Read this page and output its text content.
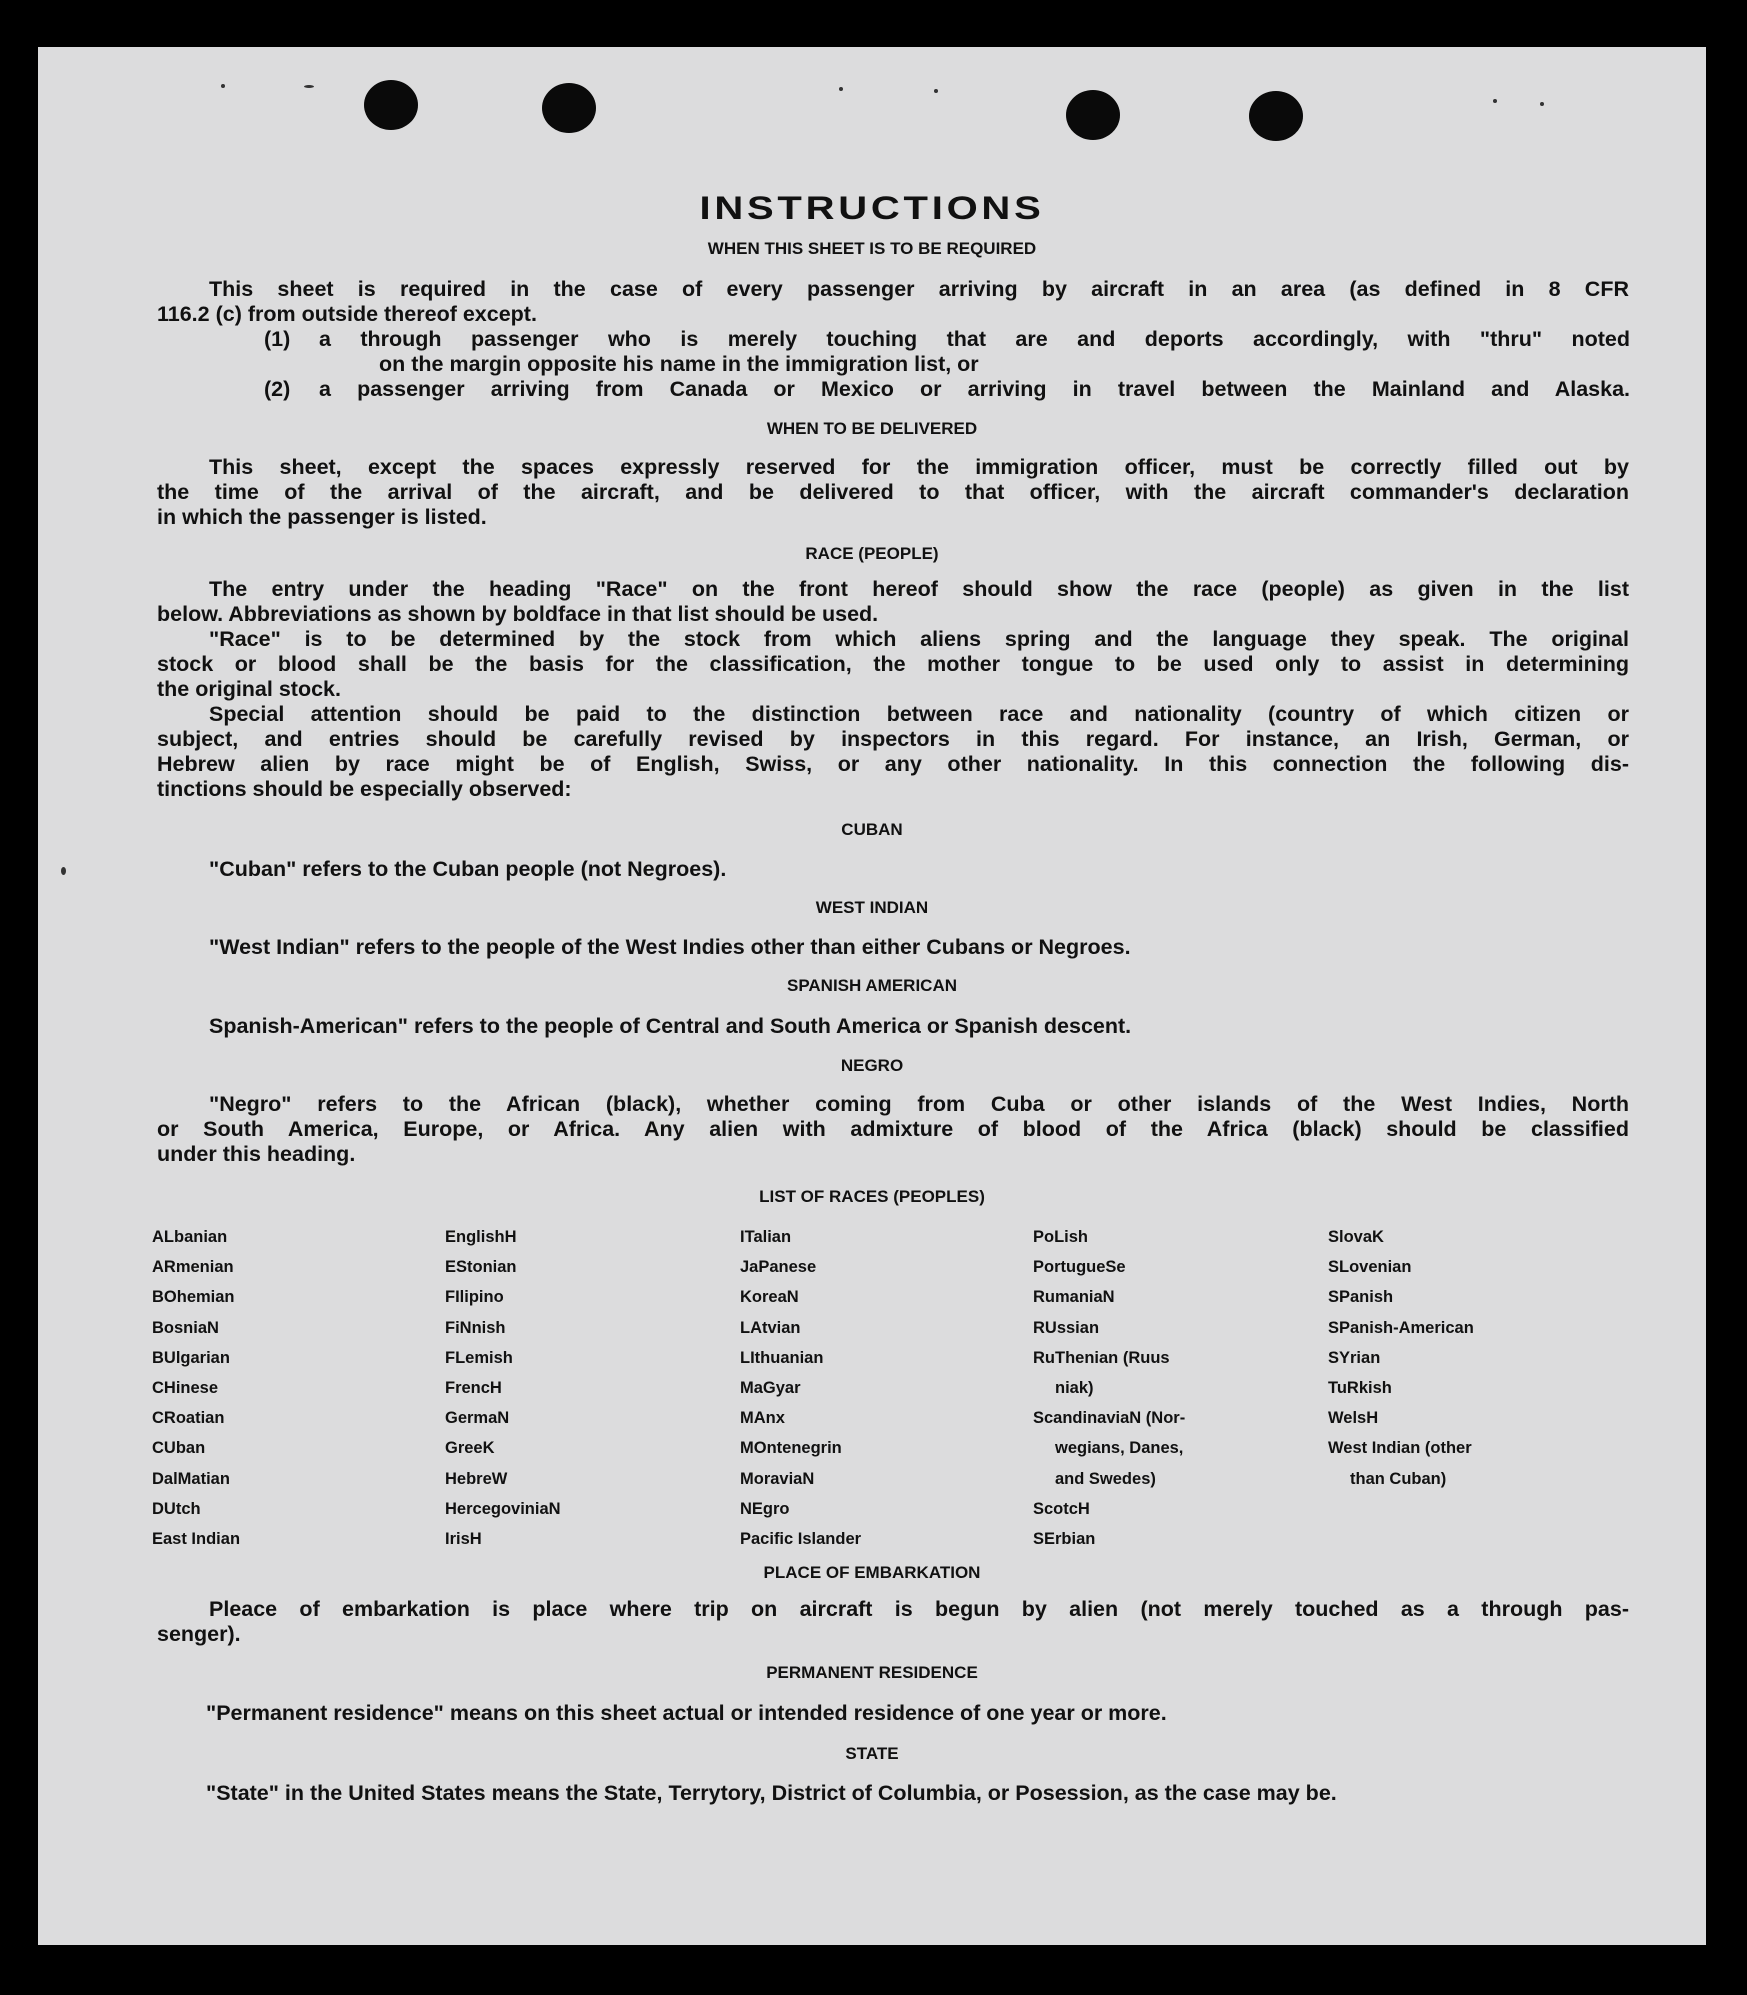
INSTRUCTIONS
WHEN THIS SHEET IS TO BE REQUIRED
This sheet is required in the case of every passenger arriving by aircraft in an area (as defined in 8 CFR
116.2 (c) from outside thereof except.
(1) a through passenger who is merely touching that are and deports accordingly, with "thru" noted
on the margin opposite his name in the immigration list, or
(2) a passenger arriving from Canada or Mexico or arriving in travel between the Mainland and Alaska.
WHEN TO BE DELIVERED
This sheet, except the spaces expressly reserved for the immigration officer, must be correctly filled out by
the time of the arrival of the aircraft, and be delivered to that officer, with the aircraft commander's declaration
in which the passenger is listed.
RACE (PEOPLE)
The entry under the heading "Race" on the front hereof should show the race (people) as given in the list
below. Abbreviations as shown by boldface in that list should be used.
"Race" is to be determined by the stock from which aliens spring and the language they speak. The original
stock or blood shall be the basis for the classification, the mother tongue to be used only to assist in determining
the original stock.
Special attention should be paid to the distinction between race and nationality (country of which citizen or
subject, and entries should be carefully revised by inspectors in this regard. For instance, an Irish, German, or
Hebrew alien by race might be of English, Swiss, or any other nationality. In this connection the following dis-
tinctions should be especially observed:
CUBAN
"Cuban" refers to the Cuban people (not Negroes).
WEST INDIAN
"West Indian" refers to the people of the West Indies other than either Cubans or Negroes.
SPANISH AMERICAN
Spanish-American" refers to the people of Central and South America or Spanish descent.
NEGRO
"Negro" refers to the African (black), whether coming from Cuba or other islands of the West Indies, North
or South America, Europe, or Africa. Any alien with admixture of blood of the Africa (black) should be classified
under this heading.
LIST OF RACES (PEOPLES)
ALbanian
ARmenian
BOhemian
BosniaN
BUlgarian
CHinese
CRoatian
CUban
DalMatian
DUtch
East Indian
EnglishH
EStonian
FIlipino
FiNnish
FLemish
FrencH
GermaN
GreeK
HebreW
HercegoviniaN
IrisH
ITalian
JaPanese
KoreaN
LAtvian
LIthuanian
MaGyar
MAnx
MOntenegrin
MoraviaN
NEgro
Pacific Islander
PoLish
PortugueSe
RumaniaN
RUssian
RuThenian (Ruus
niak)
ScandinaviaN (Nor-
wegians, Danes,
and Swedes)
ScotcH
SErbian
SlovaK
SLovenian
SPanish
SPanish-American
SYrian
TuRkish
WelsH
West Indian (other
than Cuban)
PLACE OF EMBARKATION
Pleace of embarkation is place where trip on aircraft is begun by alien (not merely touched as a through pas-
senger).
PERMANENT RESIDENCE
"Permanent residence" means on this sheet actual or intended residence of one year or more.
STATE
"State" in the United States means the State, Terrytory, District of Columbia, or Posession, as the case may be.
